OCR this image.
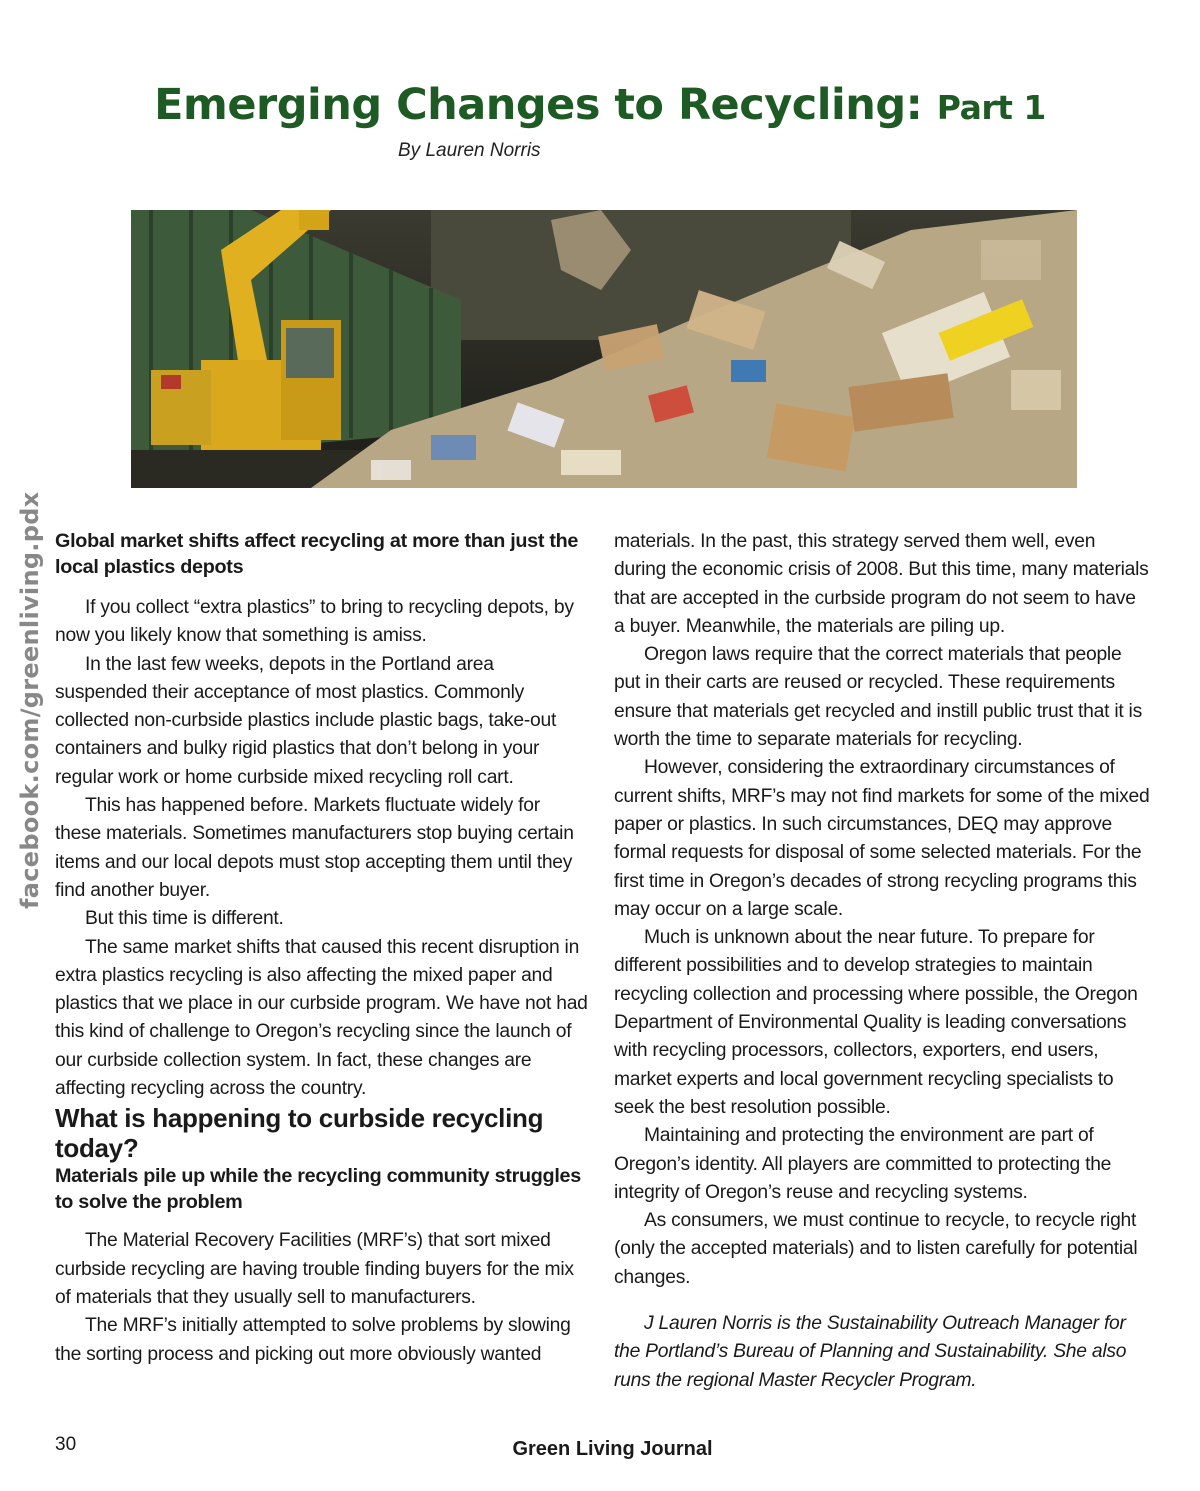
Emerging Changes to Recycling: Part 1
By Lauren Norris
facebook.com/greenliving.pdx Global market shifts affect recycling at more than just the local plastics depots

If you collect “extra plastics” to bring to recycling depots, by now you likely know that something is amiss.

In the last few weeks, depots in the Portland area suspended their acceptance of most plastics. Commonly collected non-curbside plastics include plastic bags, take-out containers and bulky rigid plastics that don’t belong in your regular work or home curbside mixed recycling roll cart.

This has happened before. Markets fluctuate widely for these materials. Sometimes manufacturers stop buying certain items and our local depots must stop accepting them until they find another buyer.

But this time is different.

The same market shifts that caused this recent disruption in extra plastics recycling is also affecting the mixed paper and plastics that we place in our curbside program. We have not had this kind of challenge to Oregon’s recycling since the launch of our curbside collection system. In fact, these changes are affecting recycling across the country.

What is happening to curbside recycling today?

Materials pile up while the recycling community struggles to solve the problem

The Material Recovery Facilities (MRF’s) that sort mixed curbside recycling are having trouble finding buyers for the mix of materials that they usually sell to manufacturers.

The MRF’s initially attempted to solve problems by slowing the sorting process and picking out more obviously wanted

materials. In the past, this strategy served them well, even during the economic crisis of 2008. But this time, many materials that are accepted in the curbside program do not seem to have a buyer. Meanwhile, the materials are piling up.

Oregon laws require that the correct materials that people put in their carts are reused or recycled. These requirements ensure that materials get recycled and instill public trust that it is worth the time to separate materials for recycling.

However, considering the extraordinary circumstances of current shifts, MRF’s may not find markets for some of the mixed paper or plastics. In such circumstances, DEQ may approve formal requests for disposal of some selected materials. For the first time in Oregon’s decades of strong recycling programs this may occur on a large scale.

Much is unknown about the near future. To prepare for different possibilities and to develop strategies to maintain recycling collection and processing where possible, the Oregon Department of Environmental Quality is leading conversations with recycling processors, collectors, exporters, end users, market experts and local government recycling specialists to seek the best resolution possible.

Maintaining and protecting the environment are part of Oregon’s identity. All players are committed to protecting the integrity of Oregon’s reuse and recycling systems.

As consumers, we must continue to recycle, to recycle right (only the accepted materials) and to listen carefully for potential changes.

J Lauren Norris is the Sustainability Outreach Manager for the Portland’s Bureau of Planning and Sustainability. She also runs the regional Master Recycler Program.

30	Green Living Journal
